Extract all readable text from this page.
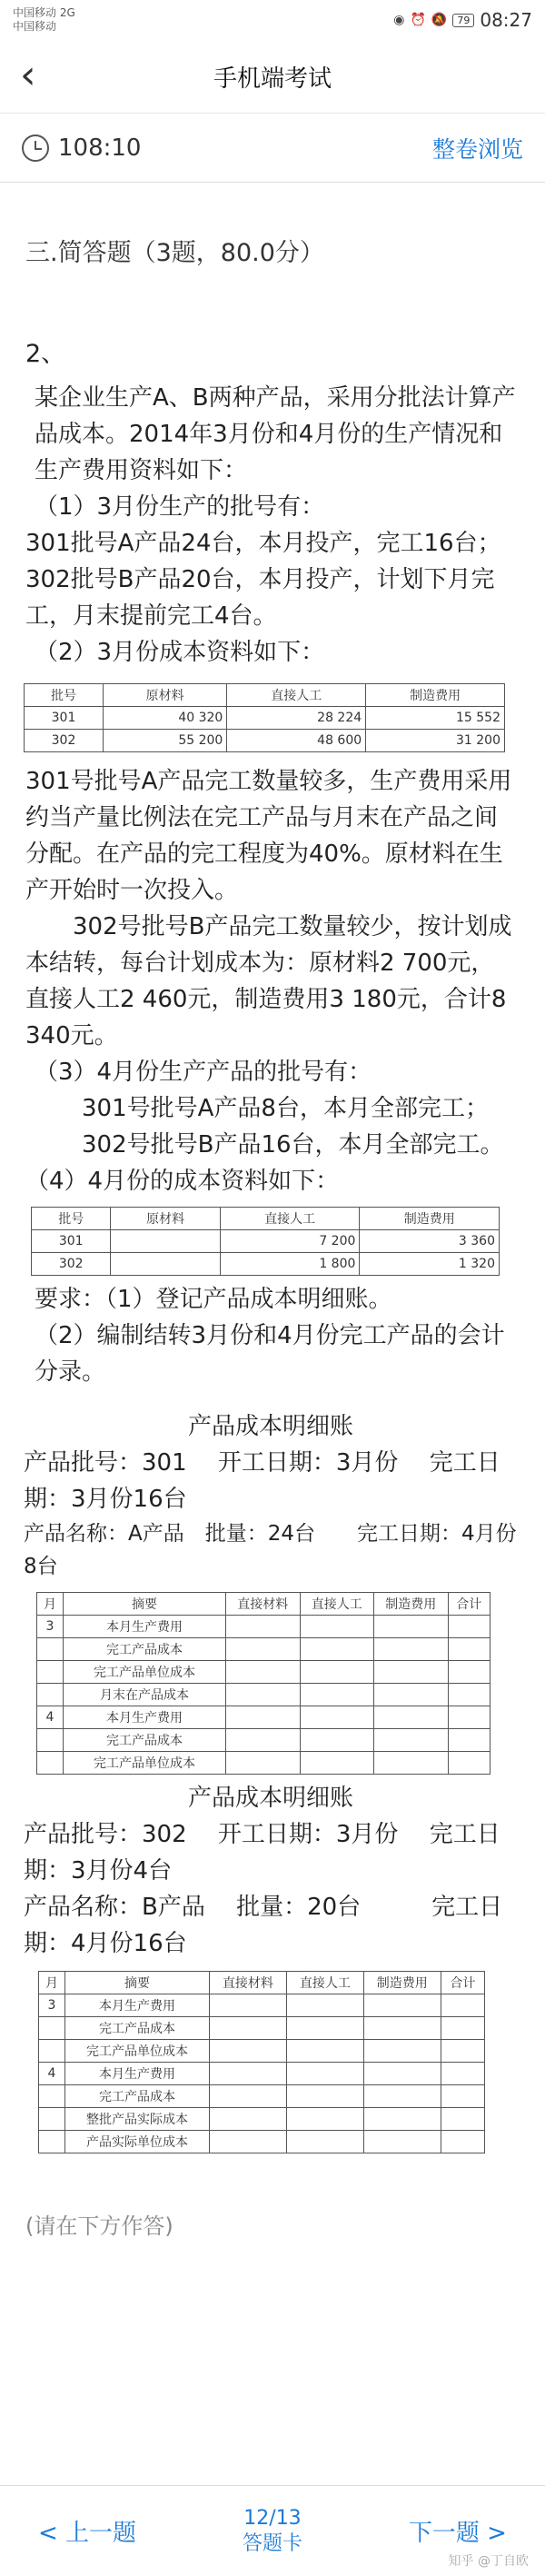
中国移动 2G
中国移动	◉ ⏰ 🔕	79 08:27
‹	手机端考试
108:10	整卷浏览
三.简答题（3题，80.0分）
2、

某企业生产A、B两种产品，采用分批法计算产品成本。2014年3月份和4月份的生产情况和生产费用资料如下：

（1）3月份生产的批号有：

301批号A产品24台，本月投产，完工16台；

302批号B产品20台，本月投产，计划下月完工，月末提前完工4台。

（2）3月份成本资料如下：

批号	原材料	直接人工	制造费用
301	40 320	28 224	15 552
302	55 200	48 600	31 200

301号批号A产品完工数量较多，生产费用采用约当产量比例法在完工产品与月末在产品之间分配。在产品的完工程度为40%。原材料在生产开始时一次投入。

302号批号B产品完工数量较少，按计划成本结转，每台计划成本为：原材料2 700元，直接人工2 460元，制造费用3 180元，合计8 340元。

（3）4月份生产产品的批号有：

301号批号A产品8台，本月全部完工；

302号批号B产品16台，本月全部完工。

（4）4月份的成本资料如下：

批号	原材料	直接人工	制造费用
301		7 200	3 360
302		1 800	1 320

要求：（1）登记产品成本明细账。

（2）编制结转3月份和4月份完工产品的会计分录。

产品成本明细账
产品批号：301　 开工日期：3月份　 完工日期：3月份16台
产品名称：A产品　批量：24台　　完工日期：4月份8台
月	摘要	直接材料	直接人工	制造费用	合计
3	本月生产费用				
	完工产品成本				
	完工产品单位成本				
	月末在产品成本				
4	本月生产费用				
	完工产品成本				
	完工产品单位成本				
产品成本明细账
产品批号：302　 开工日期：3月份　 完工日期：3月份4台
产品名称：B产品　 批量：20台　　　完工日期：4月份16台
月	摘要	直接材料	直接人工	制造费用	合计
3	本月生产费用				
	完工产品成本				
	完工产品单位成本				
4	本月生产费用				
	完工产品成本				
	整批产品实际成本				
	产品实际单位成本				
(请在下方作答)
< 上一题
12/13
答题卡	下一题 >
知乎 @丁自欧
